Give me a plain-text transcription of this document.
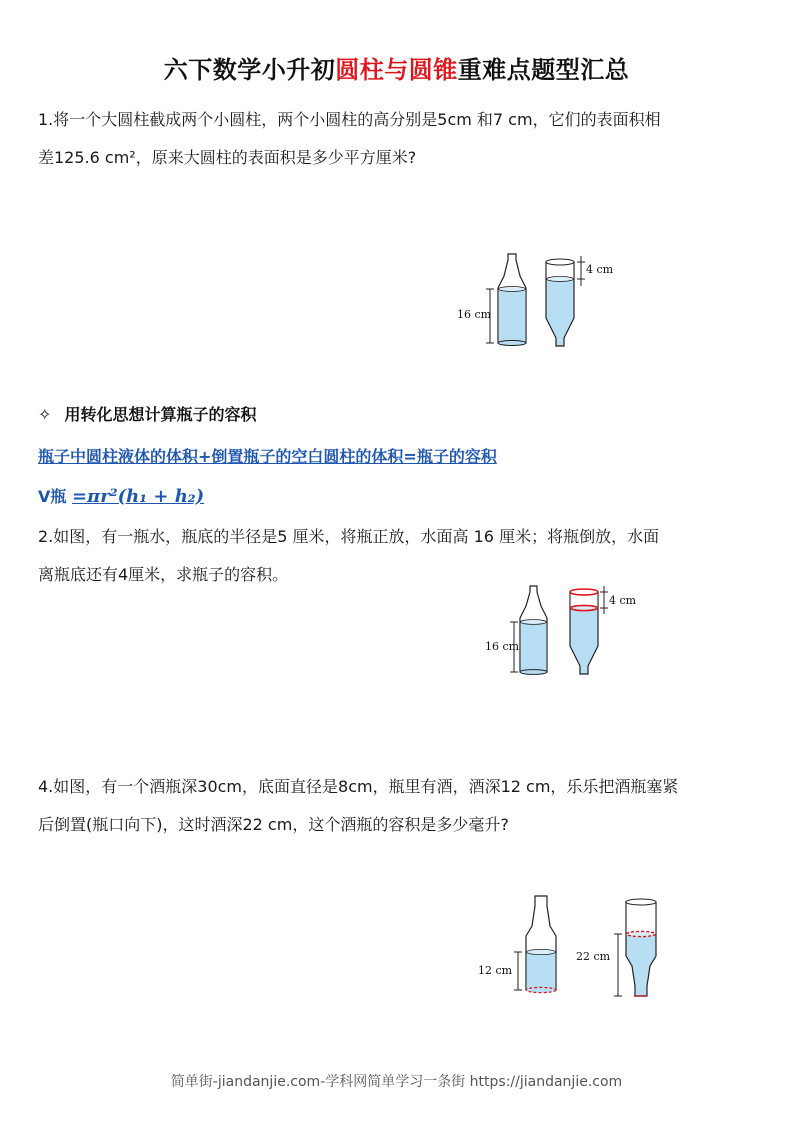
六下数学小升初圆柱与圆锥重难点题型汇总
1.将一个大圆柱截成两个小圆柱，两个小圆柱的高分别是5cm 和7 cm，它们的表面积相
差125.6 cm²，原来大圆柱的表面积是多少平方厘米?
16 cm
4 cm
✧ 用转化思想计算瓶子的容积
瓶子中圆柱液体的体积+倒置瓶子的空白圆柱的体积=瓶子的容积
V瓶 =πr²(h₁ + h₂)
2.如图，有一瓶水，瓶底的半径是5 厘米，将瓶正放，水面高 16 厘米；将瓶倒放，水面
离瓶底还有4厘米，求瓶子的容积。
16 cm
4 cm
4.如图，有一个酒瓶深30cm，底面直径是8cm，瓶里有酒，酒深12 cm，乐乐把酒瓶塞紧
后倒置(瓶口向下)，这时酒深22 cm，这个酒瓶的容积是多少毫升?
12 cm
22 cm
简单街-jiandanjie.com-学科网简单学习一条街 https://jiandanjie.com
